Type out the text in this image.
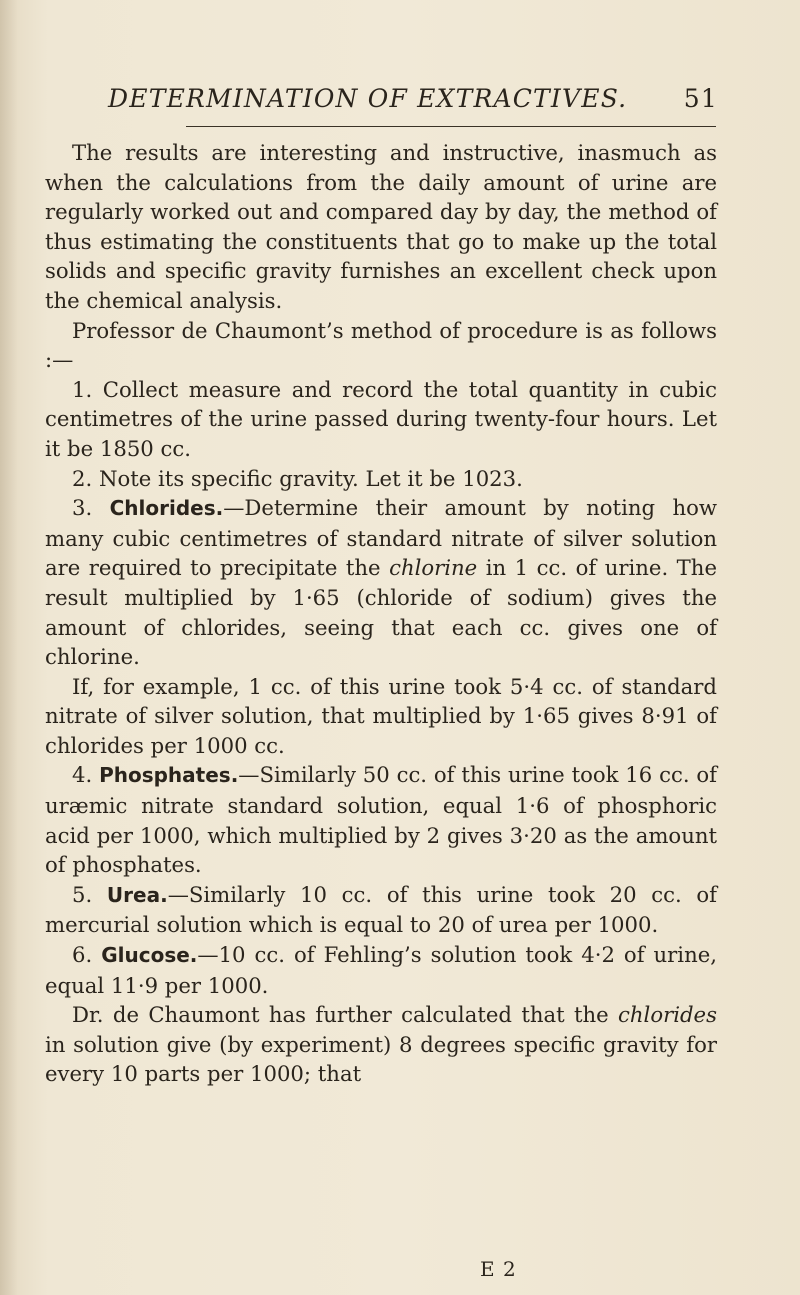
DETERMINATION OF EXTRACTIVES. 51

The results are interesting and instructive, inasmuch as when the calculations from the daily amount of urine are regularly worked out and compared day by day, the method of thus estimating the constituents that go to make up the total solids and specific gravity furnishes an excellent check upon the chemical analysis.

Professor de Chaumont’s method of procedure is as follows :—

1. Collect measure and record the total quantity in cubic centimetres of the urine passed during twenty-four hours. Let it be 1850 cc.

2. Note its specific gravity. Let it be 1023.

3. Chlorides.—Determine their amount by noting how many cubic centimetres of standard nitrate of silver solution are required to precipitate the chlorine in 1 cc. of urine. The result multiplied by 1·65 (chloride of sodium) gives the amount of chlorides, seeing that each cc. gives one of chlorine.

If, for example, 1 cc. of this urine took 5·4 cc. of standard nitrate of silver solution, that multiplied by 1·65 gives 8·91 of chlorides per 1000 cc.

4. Phosphates.—Similarly 50 cc. of this urine took 16 cc. of uræmic nitrate standard solution, equal 1·6 of phosphoric acid per 1000, which multiplied by 2 gives 3·20 as the amount of phosphates.

5. Urea.—Similarly 10 cc. of this urine took 20 cc. of mercurial solution which is equal to 20 of urea per 1000.

6. Glucose.—10 cc. of Fehling’s solution took 4·2 of urine, equal 11·9 per 1000.

Dr. de Chaumont has further calculated that the chlorides in solution give (by experiment) 8 degrees specific gravity for every 10 parts per 1000; that

E 2
